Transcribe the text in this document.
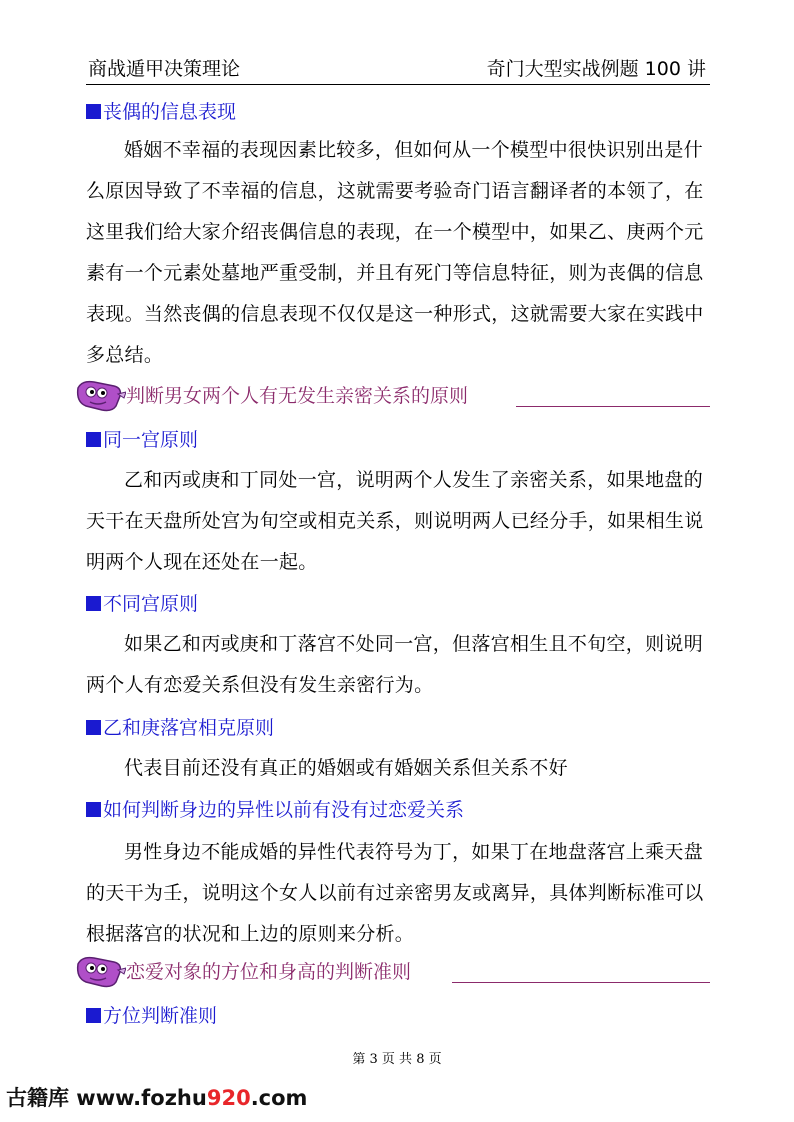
商战遁甲决策理论	奇门大型实战例题 100 讲
丧偶的信息表现
婚姻不幸福的表现因素比较多，但如何从一个模型中很快识别出是什么原因导致了不幸福的信息，这就需要考验奇门语言翻译者的本领了，在这里我们给大家介绍丧偶信息的表现，在一个模型中，如果乙、庚两个元素有一个元素处墓地严重受制，并且有死门等信息特征，则为丧偶的信息表现。当然丧偶的信息表现不仅仅是这一种形式，这就需要大家在实践中多总结。
判断男女两个人有无发生亲密关系的原则
同一宫原则
乙和丙或庚和丁同处一宫，说明两个人发生了亲密关系，如果地盘的天干在天盘所处宫为旬空或相克关系，则说明两人已经分手，如果相生说明两个人现在还处在一起。
不同宫原则
如果乙和丙或庚和丁落宫不处同一宫，但落宫相生且不旬空，则说明两个人有恋爱关系但没有发生亲密行为。
乙和庚落宫相克原则
代表目前还没有真正的婚姻或有婚姻关系但关系不好
如何判断身边的异性以前有没有过恋爱关系
男性身边不能成婚的异性代表符号为丁，如果丁在地盘落宫上乘天盘的天干为壬，说明这个女人以前有过亲密男友或离异，具体判断标准可以根据落宫的状况和上边的原则来分析。
恋爱对象的方位和身高的判断准则
方位判断准则
第 3 页 共 8 页
古籍库 www.fozhu920.com
